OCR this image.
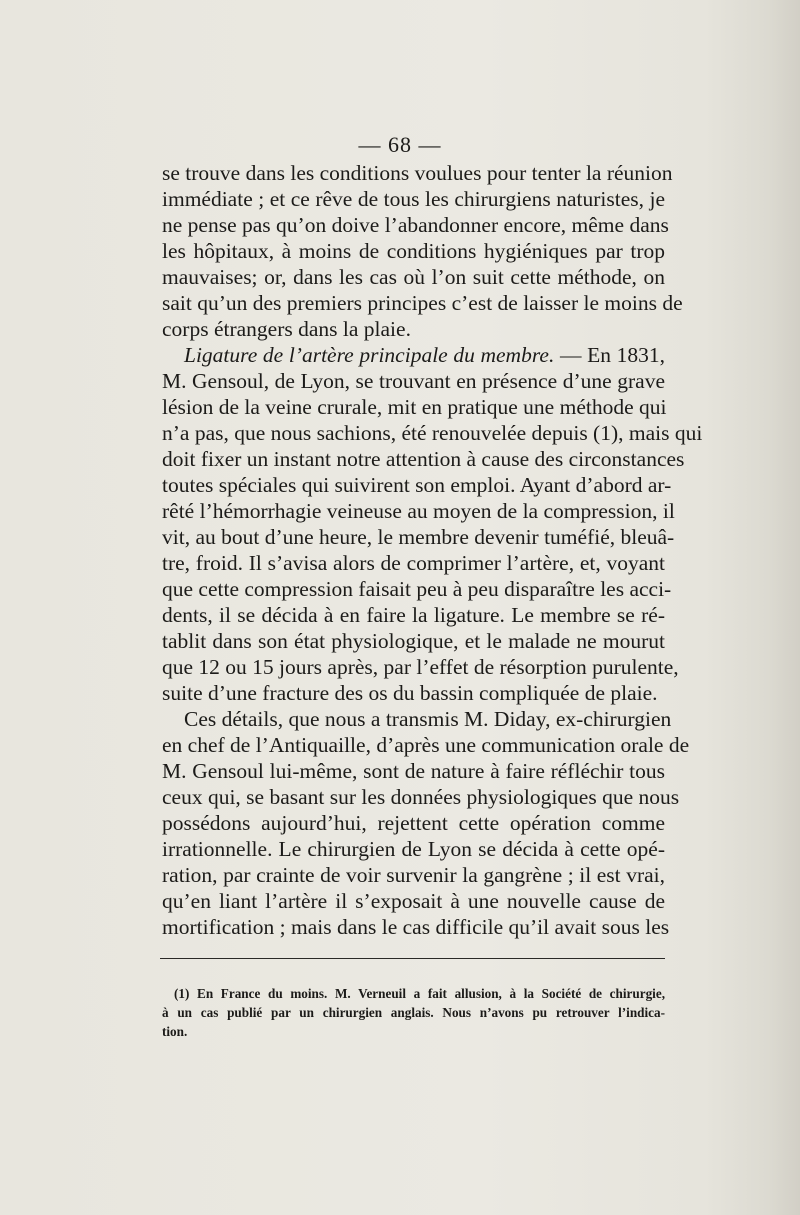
— 68 —
se trouve dans les conditions voulues pour tenter la réunion
immédiate ; et ce rêve de tous les chirurgiens naturistes, je
ne pense pas qu’on doive l’abandonner encore, même dans
les hôpitaux, à moins de conditions hygiéniques par trop
mauvaises; or, dans les cas où l’on suit cette méthode, on
sait qu’un des premiers principes c’est de laisser le moins de
corps étrangers dans la plaie.
Ligature de l’artère principale du membre. — En 1831,
M. Gensoul, de Lyon, se trouvant en présence d’une grave
lésion de la veine crurale, mit en pratique une méthode qui
n’a pas, que nous sachions, été renouvelée depuis (1), mais qui
doit fixer un instant notre attention à cause des circonstances
toutes spéciales qui suivirent son emploi. Ayant d’abord ar-
rêté l’hémorrhagie veineuse au moyen de la compression, il
vit, au bout d’une heure, le membre devenir tuméfié, bleuâ-
tre, froid. Il s’avisa alors de comprimer l’artère, et, voyant
que cette compression faisait peu à peu disparaître les acci-
dents, il se décida à en faire la ligature. Le membre se ré-
tablit dans son état physiologique, et le malade ne mourut
que 12 ou 15 jours après, par l’effet de résorption purulente,
suite d’une fracture des os du bassin compliquée de plaie.
Ces détails, que nous a transmis M. Diday, ex-chirurgien
en chef de l’Antiquaille, d’après une communication orale de
M. Gensoul lui-même, sont de nature à faire réfléchir tous
ceux qui, se basant sur les données physiologiques que nous
possédons aujourd’hui, rejettent cette opération comme
irrationnelle. Le chirurgien de Lyon se décida à cette opé-
ration, par crainte de voir survenir la gangrène ; il est vrai,
qu’en liant l’artère il s’exposait à une nouvelle cause de
mortification ; mais dans le cas difficile qu’il avait sous les
(1) En France du moins. M. Verneuil a fait allusion, à la Société de chirurgie,
à un cas publié par un chirurgien anglais. Nous n’avons pu retrouver l’indica-
tion.
